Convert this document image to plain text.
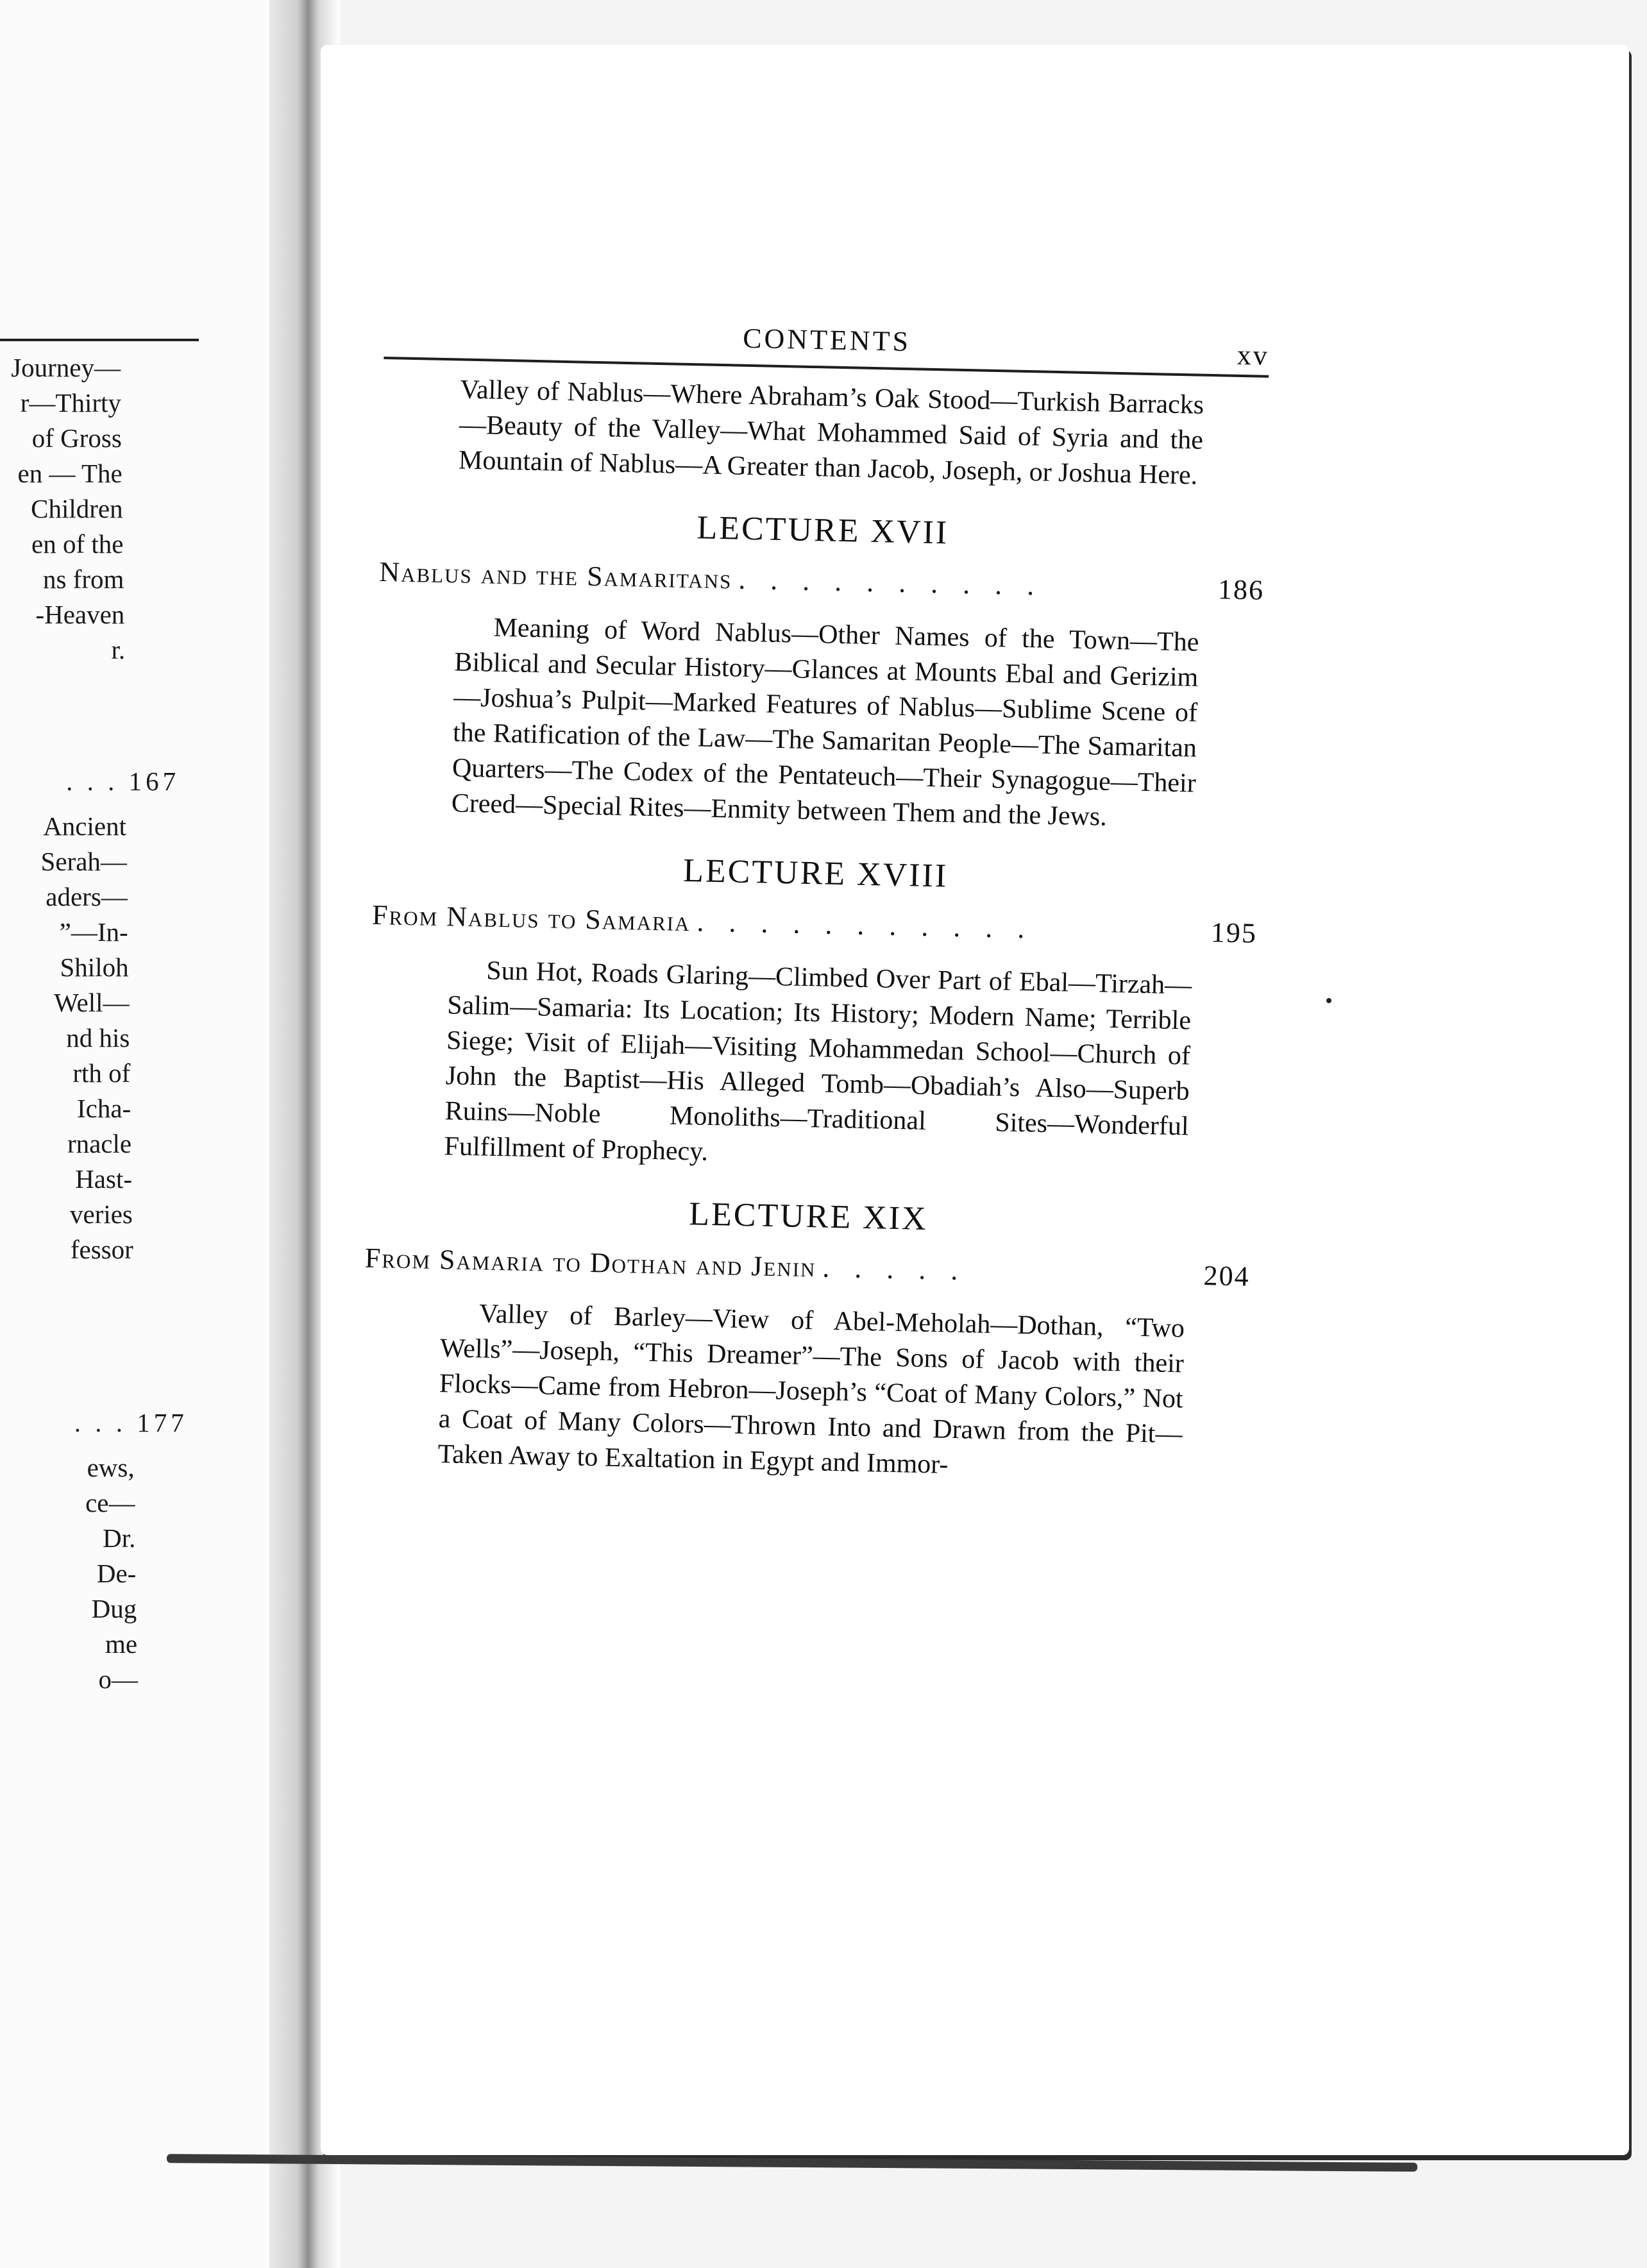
Journey—
r—Thirty
of Gross
en — The
Children
en of the
ns from
-Heaven
r.
. . . 167
Ancient
Serah—
aders—
”—In-
Shiloh
Well—
nd his
rth of
Icha-
rnacle
Hast-
veries
fessor
. . . 177
ews,
ce—
Dr.
De-
Dug
me
o—
CONTENTS	xv

Valley of Nablus—Where Abraham’s Oak Stood—Turkish Barracks—Beauty of the Valley—What Mohammed Said of Syria and the Mountain of Nablus—A Greater than Jacob, Joseph, or Joshua Here.

LECTURE XVII
Nablus and the Samaritans . . . . . . . . . .	186

Meaning of Word Nablus—Other Names of the Town—The Biblical and Secular History—Glances at Mounts Ebal and Gerizim—Joshua’s Pulpit—Marked Features of Nablus—Sublime Scene of the Ratification of the Law—The Samaritan People—The Samaritan Quarters—The Codex of the Pentateuch—Their Synagogue—Their Creed—Special Rites—Enmity between Them and the Jews.

LECTURE XVIII
From Nablus to Samaria . . . . . . . . . . .	195

Sun Hot, Roads Glaring—Climbed Over Part of Ebal—Tirzah—Salim—Samaria: Its Location; Its History; Modern Name; Terrible Siege; Visit of Elijah—Visiting Mohammedan School—Church of John the Baptist—His Alleged Tomb—Obadiah’s Also—Superb Ruins—Noble Monoliths—Traditional Sites—Wonderful Fulfillment of Prophecy.

LECTURE XIX
From Samaria to Dothan and Jenin . . . . .	204

Valley of Barley—View of Abel-Meholah—Dothan, “Two Wells”—Joseph, “This Dreamer”—The Sons of Jacob with their Flocks—Came from Hebron—Joseph’s “Coat of Many Colors,” Not a Coat of Many Colors—Thrown Into and Drawn from the Pit—Taken Away to Exaltation in Egypt and Immor-
